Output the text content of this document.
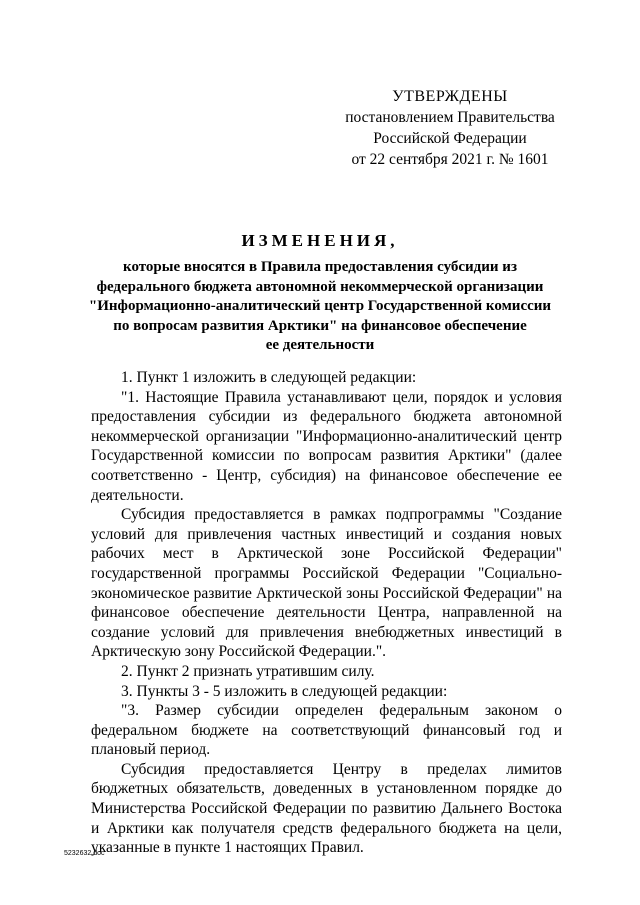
УТВЕРЖДЕНЫ
постановлением Правительства
Российской Федерации
от 22 сентября 2021 г. № 1601
ИЗМЕНЕНИЯ,
которые вносятся в Правила предоставления субсидии из
федерального бюджета автономной некоммерческой организации
"Информационно-аналитический центр Государственной комиссии
по вопросам развития Арктики" на финансовое обеспечение
ее деятельности

1. Пункт 1 изложить в следующей редакции:

"1. Настоящие Правила устанавливают цели, порядок и условия предоставления субсидии из федерального бюджета автономной некоммерческой организации "Информационно-аналитический центр Государственной комиссии по вопросам развития Арктики" (далее соответственно - Центр, субсидия) на финансовое обеспечение ее деятельности.

Субсидия предоставляется в рамках подпрограммы "Создание условий для привлечения частных инвестиций и создания новых рабочих мест в Арктической зоне Российской Федерации" государственной программы Российской Федерации "Социально-экономическое развитие Арктической зоны Российской Федерации" на финансовое обеспечение деятельности Центра, направленной на создание условий для привлечения внебюджетных инвестиций в Арктическую зону Российской Федерации.".

2. Пункт 2 признать утратившим силу.

3. Пункты 3 - 5 изложить в следующей редакции:

"3. Размер субсидии определен федеральным законом о федеральном бюджете на соответствующий финансовый год и плановый период.

Субсидия предоставляется Центру в пределах лимитов бюджетных обязательств, доведенных в установленном порядке до Министерства Российской Федерации по развитию Дальнего Востока и Арктики как получателя средств федерального бюджета на цели, указанные в пункте 1 настоящих Правил.

5232632.doc
